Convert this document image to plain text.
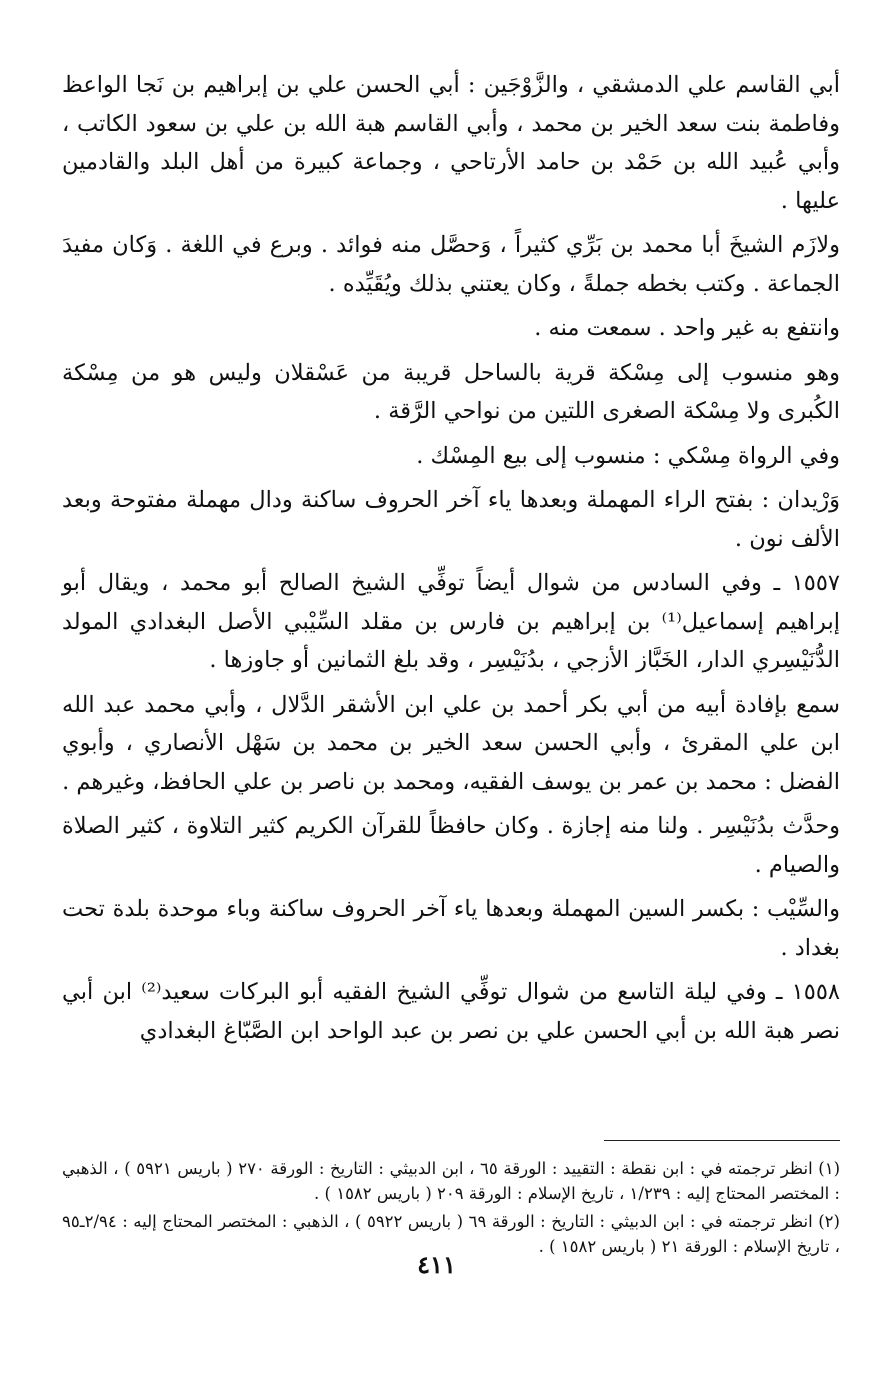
أبي القاسم علي الدمشقي ، والزَّوْجَين : أبي الحسن علي بن إبراهيم بن نَجا الواعظ وفاطمة بنت سعد الخير بن محمد ، وأبي القاسم هبة الله بن علي بن سعود الكاتب ، وأبي عُبيد الله بن حَمْد بن حامد الأرتاحي ، وجماعة كبيرة من أهل البلد والقادمين عليها .

ولازَم الشيخَ أبا محمد بن بَرِّي كثيراً ، وَحصَّل منه فوائد . وبرع في اللغة . وَكان مفيدَ الجماعة . وكتب بخطه جملةً ، وكان يعتني بذلك ويُقَيِّده .

وانتفع به غير واحد . سمعت منه .

وهو منسوب إلى مِسْكة قرية بالساحل قريبة من عَسْقلان وليس هو من مِسْكة الكُبرى ولا مِسْكة الصغرى اللتين من نواحي الرَّقة .

وفي الرواة مِسْكي : منسوب إلى بيع المِسْك .

وَرْيدان : بفتح الراء المهملة وبعدها ياء آخر الحروف ساكنة ودال مهملة مفتوحة وبعد الألف نون .

١٥٥٧ ـ وفي السادس من شوال أيضاً توفِّي الشيخ الصالح أبو محمد ، ويقال أبو إبراهيم إسماعيل⁽¹⁾ بن إبراهيم بن فارس بن مقلد السِّيْبي الأصل البغدادي المولد الدُّنَيْسِري الدار، الخَبَّاز الأزجي ، بدُنَيْسِر ، وقد بلغ الثمانين أو جاوزها .

سمع بإفادة أبيه من أبي بكر أحمد بن علي ابن الأشقر الدَّلال ، وأبي محمد عبد الله ابن علي المقرئ ، وأبي الحسن سعد الخير بن محمد بن سَهْل الأنصاري ، وأبوي الفضل : محمد بن عمر بن يوسف الفقيه، ومحمد بن ناصر بن علي الحافظ، وغيرهم .

وحدَّث بدُنَيْسِر . ولنا منه إجازة . وكان حافظاً للقرآن الكريم كثير التلاوة ، كثير الصلاة والصيام .

والسِّيْب : بكسر السين المهملة وبعدها ياء آخر الحروف ساكنة وباء موحدة بلدة تحت بغداد .

١٥٥٨ ـ وفي ليلة التاسع من شوال توفِّي الشيخ الفقيه أبو البركات سعيد⁽²⁾ ابن أبي نصر هبة الله بن أبي الحسن علي بن نصر بن عبد الواحد ابن الصَّبّاغ البغدادي

(١) انظر ترجمته في : ابن نقطة : التقييد : الورقة ٦٥ ، ابن الدبيثي : التاريخ : الورقة ٢٧٠ ( باريس ٥٩٢١ ) ، الذهبي : المختصر المحتاج إليه : ١/٢٣٩ ، تاريخ الإسلام : الورقة ٢٠٩ ( باريس ١٥٨٢ ) .

(٢) انظر ترجمته في : ابن الدبيثي : التاريخ : الورقة ٦٩ ( باريس ٥٩٢٢ ) ، الذهبي : المختصر المحتاج إليه : ٢/٩٤ـ٩٥ ، تاريخ الإسلام : الورقة ٢١ ( باريس ١٥٨٢ ) .

٤١١
